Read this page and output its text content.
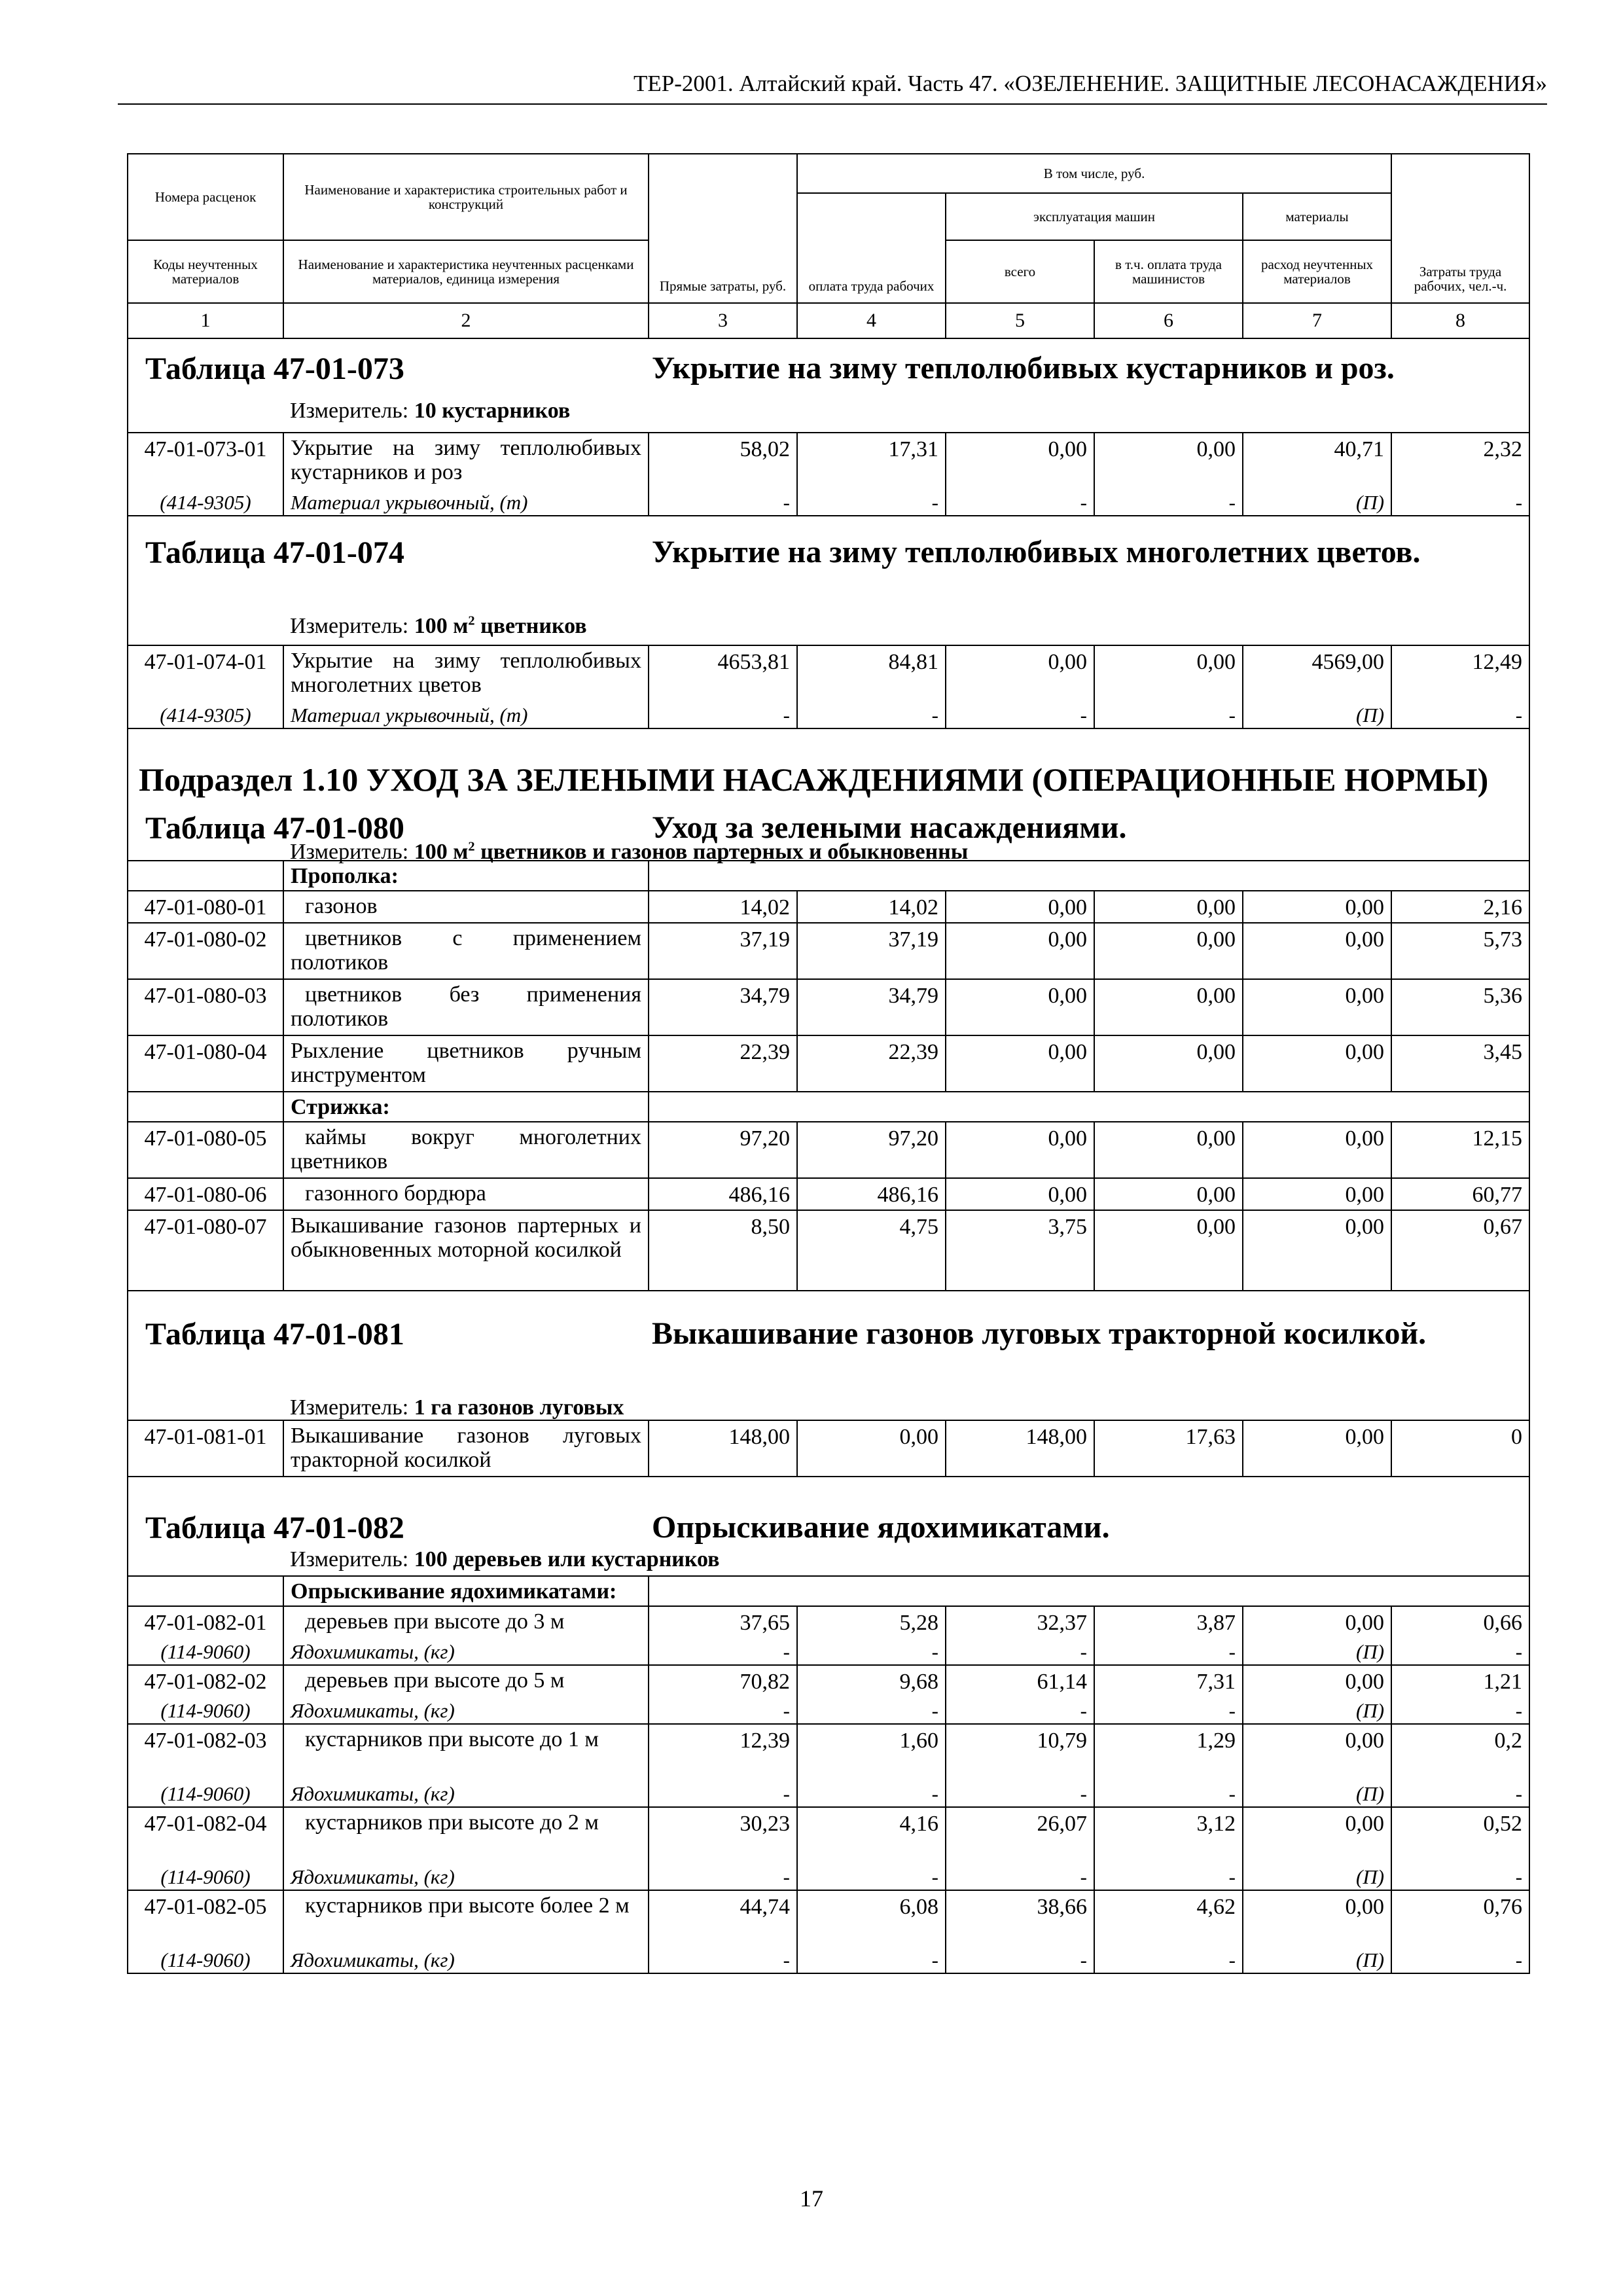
ТЕР-2001. Алтайский край. Часть 47. «ОЗЕЛЕНЕНИЕ. ЗАЩИТНЫЕ ЛЕСОНАСАЖДЕНИЯ»
Номера расценок	Наименование и характеристика строительных работ и конструкций	Прямые затраты, руб.	В том числе, руб.				Затраты труда рабочих, чел.-ч.
			оплата труда рабочих	эксплуатация машин		материалы	
Коды неучтенных материалов	Наименование и характеристика неучтенных расценками материалов, единица измерения			всего	в т.ч. оплата труда машинистов	расход неучтенных материалов	
1	2	3	4	5	6	7	8

Таблица 47-01-073 Укрытие на зиму теплолюбивых кустарников и роз.
Измеритель: 10 кустарников							

47-01-073-01	Укрытие на зиму теплолюбивых кустарников и роз	58,02	17,31	0,00	0,00	40,71	2,32
(414-9305)	Материал укрывочный, (т)	-	-	-	-	(П)	-

Таблица 47-01-074 Укрытие на зиму теплолюбивых многолетних цветов.
Измеритель: 100 $м^2$ цветников							

47-01-074-01	Укрытие на зиму теплолюбивых многолетних цветов	4653,81	84,81	0,00	0,00	4569,00	12,49
(414-9305)	Материал укрывочный, (т)	-	-	-	-	(П)	-

Подраздел 1.10 УХОД ЗА ЗЕЛЕНЫМИ НАСАЖДЕНИЯМИ (ОПЕРАЦИОННЫЕ НОРМЫ)							

Таблица 47-01-080 Уход за зелеными насаждениями.
Измеритель: 100 $м^2$ цветников и газонов партерных и обыкновенны							

	Прополка:						
47-01-080-01	газонов	14,02	14,02	0,00	0,00	0,00	2,16
47-01-080-02	цветников с применением полотиков	37,19	37,19	0,00	0,00	0,00	5,73
47-01-080-03	цветников без применения полотиков	34,79	34,79	0,00	0,00	0,00	5,36
47-01-080-04	Рыхление цветников ручным инструментом	22,39	22,39	0,00	0,00	0,00	3,45
	Стрижка:						
47-01-080-05	каймы вокруг многолетних цветников	97,20	97,20	0,00	0,00	0,00	12,15
47-01-080-06	газонного бордюра	486,16	486,16	0,00	0,00	0,00	60,77
47-01-080-07	Выкашивание газонов партерных и обыкновенных моторной косилкой	8,50	4,75	3,75	0,00	0,00	0,67

Таблица 47-01-081 Выкашивание газонов луговых тракторной косилкой.
Измеритель: 1 га газонов луговых							

47-01-081-01	Выкашивание газонов луговых тракторной косилкой	148,00	0,00	148,00	17,63	0,00	0

Таблица 47-01-082 Опрыскивание ядохимикатами.
Измеритель: 100 деревьев или кустарников							

	Опрыскивание ядохимикатами:						
47-01-082-01	деревьев при высоте до 3 м	37,65	5,28	32,37	3,87	0,00	0,66
(114-9060)	Ядохимикаты, (кг)	-	-	-	-	(П)	-
47-01-082-02	деревьев при высоте до 5 м	70,82	9,68	61,14	7,31	0,00	1,21
(114-9060)	Ядохимикаты, (кг)	-	-	-	-	(П)	-
47-01-082-03	кустарников при высоте до 1 м	12,39	1,60	10,79	1,29	0,00	0,2
(114-9060)	Ядохимикаты, (кг)	-	-	-	-	(П)	-
47-01-082-04	кустарников при высоте до 2 м	30,23	4,16	26,07	3,12	0,00	0,52
(114-9060)	Ядохимикаты, (кг)	-	-	-	-	(П)	-
47-01-082-05	кустарников при высоте более 2 м	44,74	6,08	38,66	4,62	0,00	0,76
(114-9060)	Ядохимикаты, (кг)	-	-	-	-	(П)	-
17
